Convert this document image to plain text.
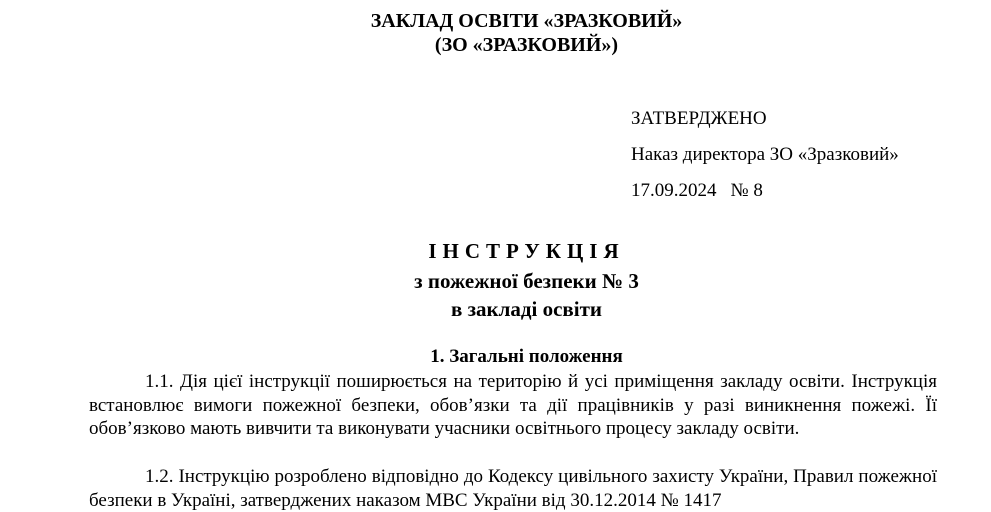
ЗАКЛАД ОСВІТИ «ЗРАЗКОВИЙ»
(ЗО «ЗРАЗКОВИЙ»)
ЗАТВЕРДЖЕНО
Наказ директора ЗО «Зразковий»
17.09.2024 № 8
ІНСТРУКЦІЯ
з пожежної безпеки № 3
в закладі освіти
1. Загальні положення
1.1. Дія цієї інструкції поширюється на територію й усі приміщення закладу освіти. Інструкція встановлює вимоги пожежної безпеки, обов’язки та дії працівників у разі виникнення пожежі. Її обов’язково мають вивчити та виконувати учасники освітнього процесу закладу освіти.
1.2. Інструкцію розроблено відповідно до Кодексу цивільного захисту України, Правил пожежної безпеки в Україні, затверджених наказом МВС України від 30.12.2014 № 1417
